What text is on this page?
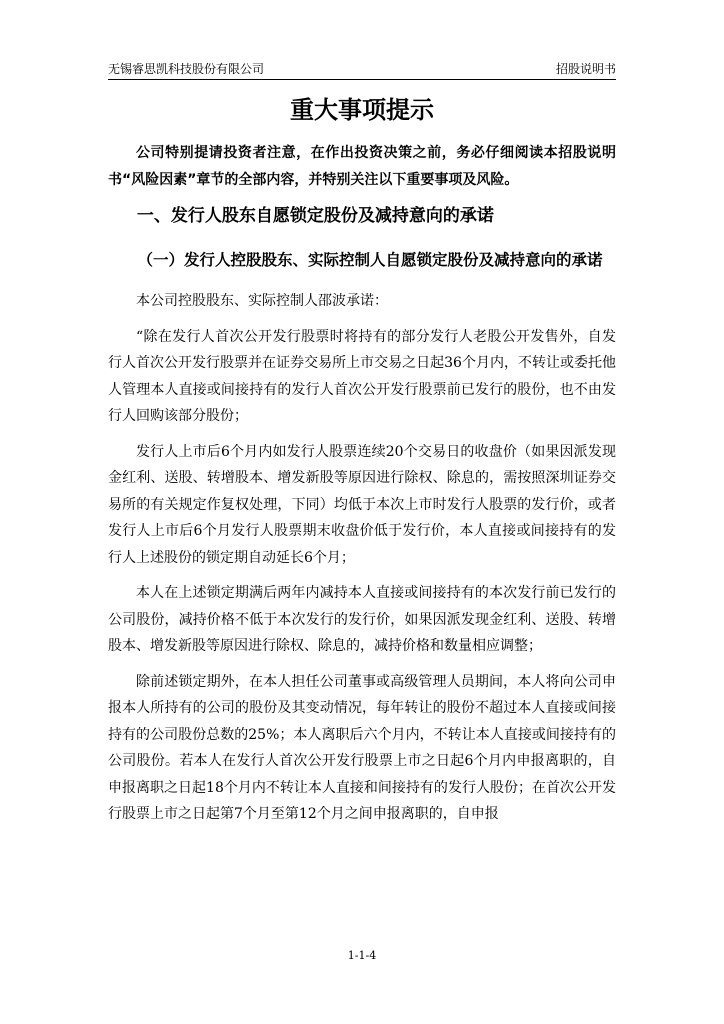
无锡睿思凯科技股份有限公司	招股说明书
重大事项提示

公司特别提请投资者注意，在作出投资决策之前，务必仔细阅读本招股说明书“风险因素”章节的全部内容，并特别关注以下重要事项及风险。

一、发行人股东自愿锁定股份及减持意向的承诺

（一）发行人控股股东、实际控制人自愿锁定股份及减持意向的承诺

本公司控股股东、实际控制人邵波承诺：

“除在发行人首次公开发行股票时将持有的部分发行人老股公开发售外，自发行人首次公开发行股票并在证券交易所上市交易之日起36个月内，不转让或委托他人管理本人直接或间接持有的发行人首次公开发行股票前已发行的股份，也不由发行人回购该部分股份；

发行人上市后6个月内如发行人股票连续20个交易日的收盘价（如果因派发现金红利、送股、转增股本、增发新股等原因进行除权、除息的，需按照深圳证券交易所的有关规定作复权处理，下同）均低于本次上市时发行人股票的发行价，或者发行人上市后6个月发行人股票期末收盘价低于发行价，本人直接或间接持有的发行人上述股份的锁定期自动延长6个月；

本人在上述锁定期满后两年内减持本人直接或间接持有的本次发行前已发行的公司股份，减持价格不低于本次发行的发行价，如果因派发现金红利、送股、转增股本、增发新股等原因进行除权、除息的，减持价格和数量相应调整；

除前述锁定期外，在本人担任公司董事或高级管理人员期间，本人将向公司申报本人所持有的公司的股份及其变动情况，每年转让的股份不超过本人直接或间接持有的公司股份总数的25%；本人离职后六个月内，不转让本人直接或间接持有的公司股份。若本人在发行人首次公开发行股票上市之日起6个月内申报离职的，自申报离职之日起18个月内不转让本人直接和间接持有的发行人股份；在首次公开发行股票上市之日起第7个月至第12个月之间申报离职的，自申报

1-1-4
